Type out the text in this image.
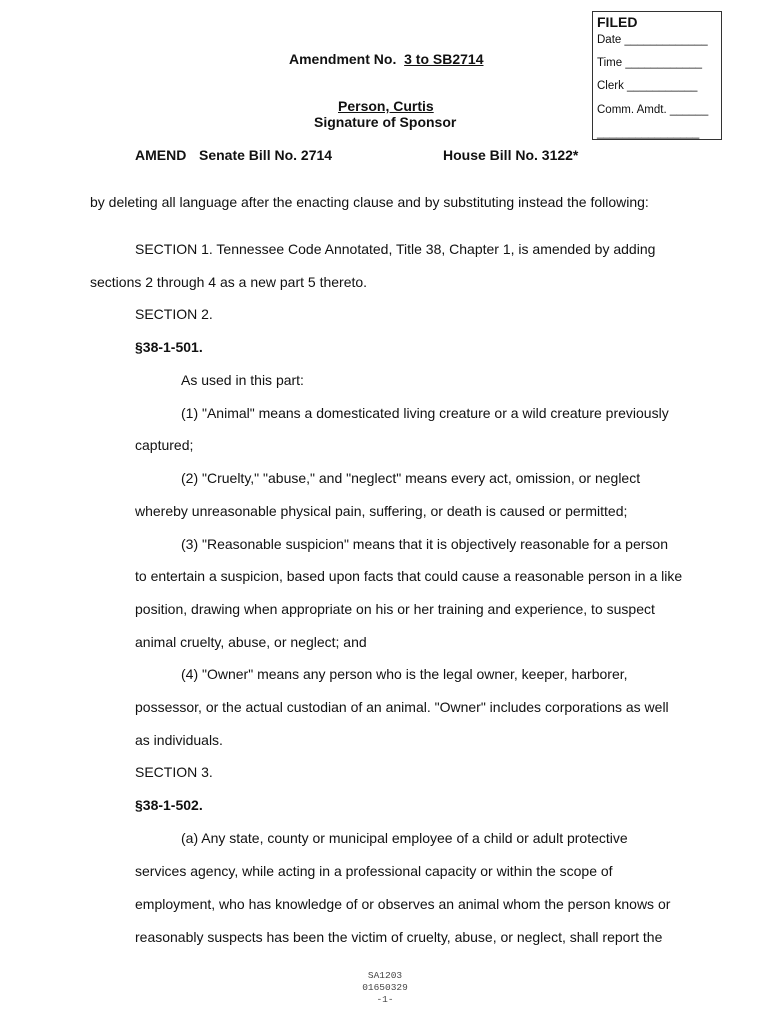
FILED
Date _____________
Time ____________
Clerk ___________
Comm. Amdt. ______
________________
Amendment No. 3 to SB2714
Person, Curtis
Signature of Sponsor
AMEND Senate Bill No. 2714	House Bill No. 3122*
by deleting all language after the enacting clause and by substituting instead the following:
SECTION 1. Tennessee Code Annotated, Title 38, Chapter 1, is amended by adding
sections 2 through 4 as a new part 5 thereto.
SECTION 2.
§38-1-501.
As used in this part:
(1) "Animal" means a domesticated living creature or a wild creature previously
captured;
(2) "Cruelty," "abuse," and "neglect" means every act, omission, or neglect
whereby unreasonable physical pain, suffering, or death is caused or permitted;
(3) "Reasonable suspicion" means that it is objectively reasonable for a person
to entertain a suspicion, based upon facts that could cause a reasonable person in a like
position, drawing when appropriate on his or her training and experience, to suspect
animal cruelty, abuse, or neglect; and
(4) "Owner" means any person who is the legal owner, keeper, harborer,
possessor, or the actual custodian of an animal. "Owner" includes corporations as well
as individuals.
SECTION 3.
§38-1-502.
(a) Any state, county or municipal employee of a child or adult protective
services agency, while acting in a professional capacity or within the scope of
employment, who has knowledge of or observes an animal whom the person knows or
reasonably suspects has been the victim of cruelty, abuse, or neglect, shall report the
SA1203
01650329
-1-
